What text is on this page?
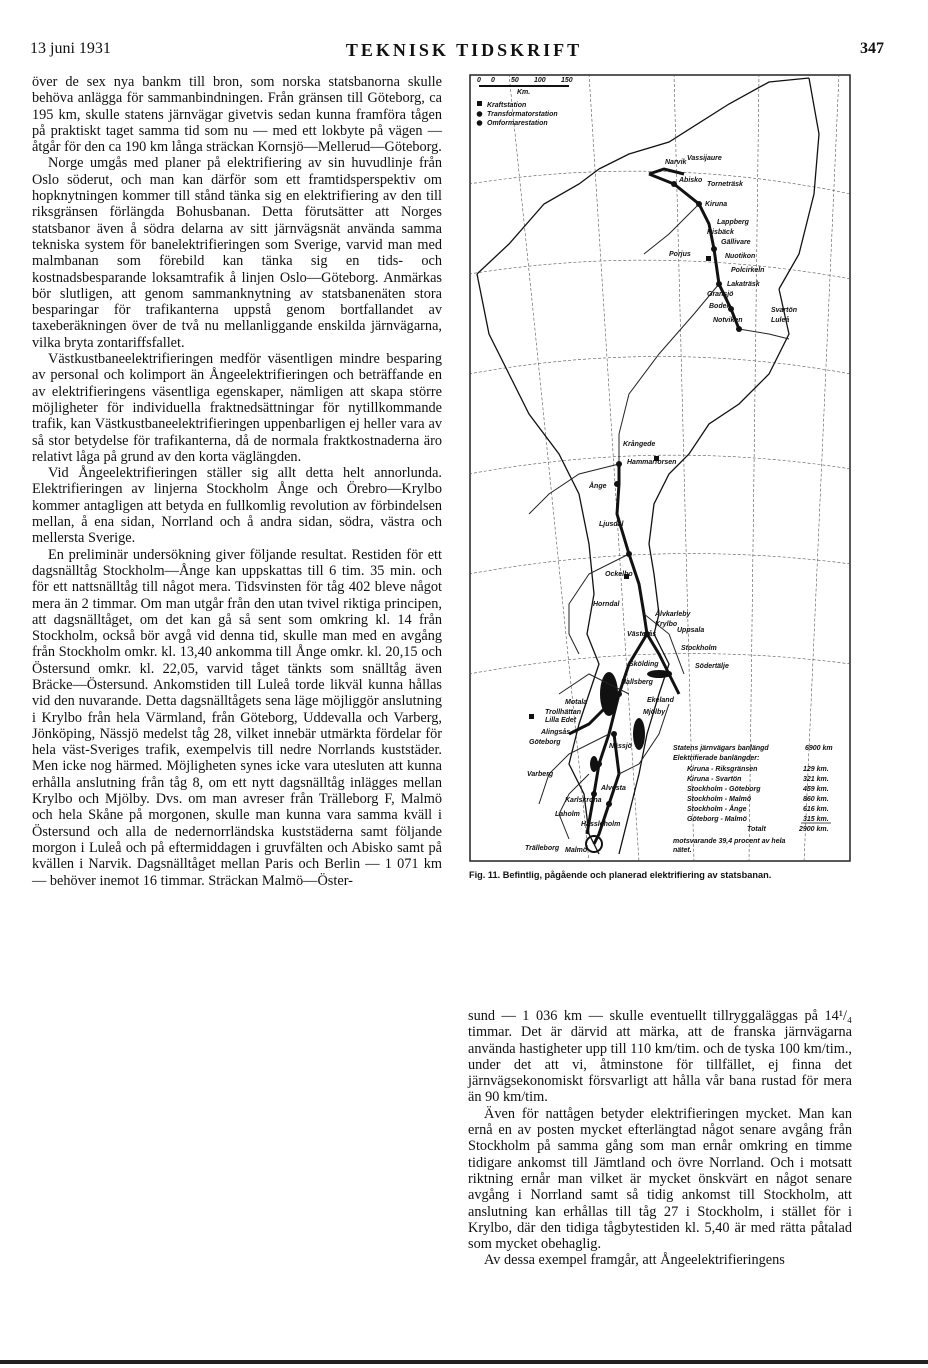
13 juni 1931	TEKNISK TIDSKRIFT	347

över de sex nya bankm till bron, som norska statsbanorna skulle behöva anlägga för sammanbindningen. Från gränsen till Göteborg, ca 195 km, skulle statens järnvägar givetvis sedan kunna framföra tågen på praktiskt taget samma tid som nu — med ett lokbyte på vägen — åtgår för den ca 190 km långa sträckan Kornsjö—Mellerud—Göteborg.

Norge umgås med planer på elektrifiering av sin huvudlinje från Oslo söderut, och man kan därför som ett framtidsperspektiv om hopknytningen kommer till stånd tänka sig en elektrifiering av den till riksgränsen förlängda Bohusbanan. Detta förutsätter att Norges statsbanor även å södra delarna av sitt järnvägsnät använda samma tekniska system för banelektrifieringen som Sverige, varvid man med malmbanan som förebild kan tänka sig en tids- och kostnadsbesparande loksamtrafik å linjen Oslo—Göteborg. Anmärkas bör slutligen, att genom sammanknytning av statsbanenäten stora besparingar för trafikanterna uppstå genom bortfallandet av taxeberäkningen över de två nu mellanliggande enskilda järnvägarna, vilka bryta zontariffsfallet.

Västkustbaneelektrifieringen medför väsentligen mindre besparing av personal och kolimport än Ångeelektrifieringen och beträffande en av elektrifieringens väsentliga egenskaper, nämligen att skapa större möjligheter för individuella fraktnedsättningar för nytillkommande trafik, kan Västkustbaneelektrifieringen uppenbarligen ej heller vara av så stor betydelse för trafikanterna, då de normala fraktkostnaderna äro relativt låga på grund av den korta väglängden.

Vid Ångeelektrifieringen ställer sig allt detta helt annorlunda. Elektrifieringen av linjerna Stockholm Ånge och Örebro—Krylbo kommer antagligen att betyda en fullkomlig revolution av förbindelsen mellan, å ena sidan, Norrland och å andra sidan, södra, västra och mellersta Sverige.

En preliminär undersökning giver följande resultat. Restiden för ett dagsnälltåg Stockholm—Ånge kan uppskattas till 6 tim. 35 min. och för ett nattsnälltåg till något mera. Tidsvinsten för tåg 402 bleve något mera än 2 timmar. Om man utgår från den utan tvivel riktiga principen, att dagsnälltåget, om det kan gå så sent som omkring kl. 14 från Stockholm, också bör avgå vid denna tid, skulle man med en avgång från Stockholm omkr. kl. 13,40 ankomma till Ånge omkr. kl. 20,15 och Östersund omkr. kl. 22,05, varvid tåget tänkts som snälltåg även Bräcke—Östersund. Ankomstiden till Luleå torde likväl kunna hållas vid den nuvarande. Detta dagsnälltågets sena läge möjliggör anslutning i Krylbo från hela Värmland, från Göteborg, Uddevalla och Varberg, Jönköping, Nässjö medelst tåg 28, vilket innebär utmärkta fördelar för hela väst-Sveriges trafik, exempelvis till nedre Norrlands kuststäder. Men icke nog härmed. Möjligheten synes icke vara utesluten att kunna erhålla anslutning från tåg 8, om ett nytt dagsnälltåg inlägges mellan Krylbo och Mjölby. Dvs. om man avreser från Trälleborg F, Malmö och hela Skåne på morgonen, skulle man kunna vara samma kväll i Östersund och alla de nedernorrländska kuststäderna samt följande morgon i Luleå och på eftermiddagen i gruvfälten och Abisko samt på kvällen i Narvik. Dagsnälltåget mellan Paris och Berlin — 1 071 km — behöver inemot 16 timmar. Sträckan Malmö—Öster-

0 0 50 100 150
Km.
Kraftstation
Transformatorstation
Omformarestation
Narvik
Vassijaure
Abisko
Torneträsk
Kiruna
Lappberg
Risbäck
Gällivare
Porjus	Nuotikon
Polcirkeln
Lakaträsk
Gransjö
Boden
Notviken
Svartön
Luleå
Krångede
Hammarforsen
Ånge
Ljusdal
Ockelbo
Horndal
Älvkarleby
Krylbo
Västerås
Uppsala
Stockholm
Södertälje
Skölding
Hallsberg
Motala
Trollhättan
Lilla Edet
Ekeland
Mjölby
Alingsås
Göteborg
Nässjö
Varberg
Alvesta
Karlskrona
Laholm
Hässleholm
Malmö
Trälleborg
Statens järnvägars banlängd	6900 km
Elektrifierade banlängder:
Kiruna - Riksgränsen	129 km.
Kiruna - Svartön	321 km.
Stockholm - Göteborg	459 km.
Stockholm - Malmö	860 km.
Stockholm - Ånge	616 km.
Göteborg - Malmö	315 km.
Totalt	2900 km.
motsvarande 39,4 procent av hela
nätet.
Fig. 11. Befintlig, pågående och planerad elektrifiering av statsbanan.

sund — 1 036 km — skulle eventuellt tillryggaläggas på 14¹/₄ timmar. Det är därvid att märka, att de franska järnvägarna använda hastigheter upp till 110 km/tim. och de tyska 100 km/tim., under det att vi, åtminstone för tillfället, ej finna det järnvägsekonomiskt försvarligt att hålla vår bana rustad för mera än 90 km/tim.

Även för nattågen betyder elektrifieringen mycket. Man kan ernå en av posten mycket efterlängtad något senare avgång från Stockholm på samma gång som man ernår omkring en timme tidigare ankomst till Jämtland och övre Norrland. Och i motsatt riktning ernår man vilket är mycket önskvärt en något senare avgång i Norrland samt så tidig ankomst till Stockholm, att anslutning kan erhållas till tåg 27 i Stockholm, i stället för i Krylbo, där den tidiga tågbytestiden kl. 5,40 är med rätta påtalad som mycket obehaglig.

Av dessa exempel framgår, att Ångeelektrifieringens
